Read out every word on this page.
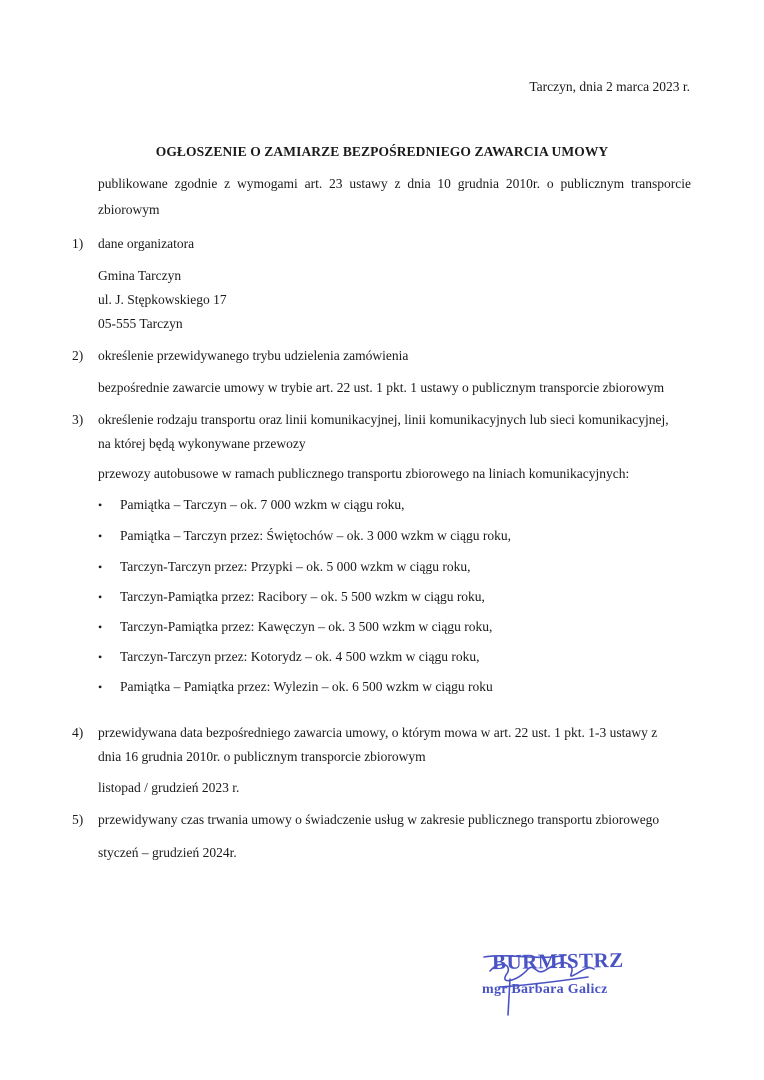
Tarczyn, dnia 2 marca 2023 r.
OGŁOSZENIE O ZAMIARZE BEZPOŚREDNIEGO ZAWARCIA UMOWY
publikowane zgodnie z wymogami art. 23 ustawy z dnia 10 grudnia 2010r. o publicznym transporcie
zbiorowym
1) dane organizatora
Gmina Tarczyn
ul. J. Stępkowskiego 17
05-555 Tarczyn
2) określenie przewidywanego trybu udzielenia zamówienia
bezpośrednie zawarcie umowy w trybie art. 22 ust. 1 pkt. 1 ustawy o publicznym transporcie zbiorowym
3) określenie rodzaju transportu oraz linii komunikacyjnej, linii komunikacyjnych lub sieci komunikacyjnej,
na której będą wykonywane przewozy
przewozy autobusowe w ramach publicznego transportu zbiorowego na liniach komunikacyjnych:
• Pamiątka – Tarczyn – ok. 7 000 wzkm w ciągu roku,
• Pamiątka – Tarczyn przez: Świętochów – ok. 3 000 wzkm w ciągu roku,
• Tarczyn-Tarczyn przez: Przypki – ok. 5 000 wzkm w ciągu roku,
• Tarczyn-Pamiątka przez: Racibory – ok. 5 500 wzkm w ciągu roku,
• Tarczyn-Pamiątka przez: Kawęczyn – ok. 3 500 wzkm w ciągu roku,
• Tarczyn-Tarczyn przez: Kotorydz – ok. 4 500 wzkm w ciągu roku,
• Pamiątka – Pamiątka przez: Wylezin – ok. 6 500 wzkm w ciągu roku
4) przewidywana data bezpośredniego zawarcia umowy, o którym mowa w art. 22 ust. 1 pkt. 1-3 ustawy z
dnia 16 grudnia 2010r. o publicznym transporcie zbiorowym
listopad / grudzień 2023 r.
5) przewidywany czas trwania umowy o świadczenie usług w zakresie publicznego transportu zbiorowego
styczeń – grudzień 2024r.
BURMISTRZ
mgr Barbara Galicz
